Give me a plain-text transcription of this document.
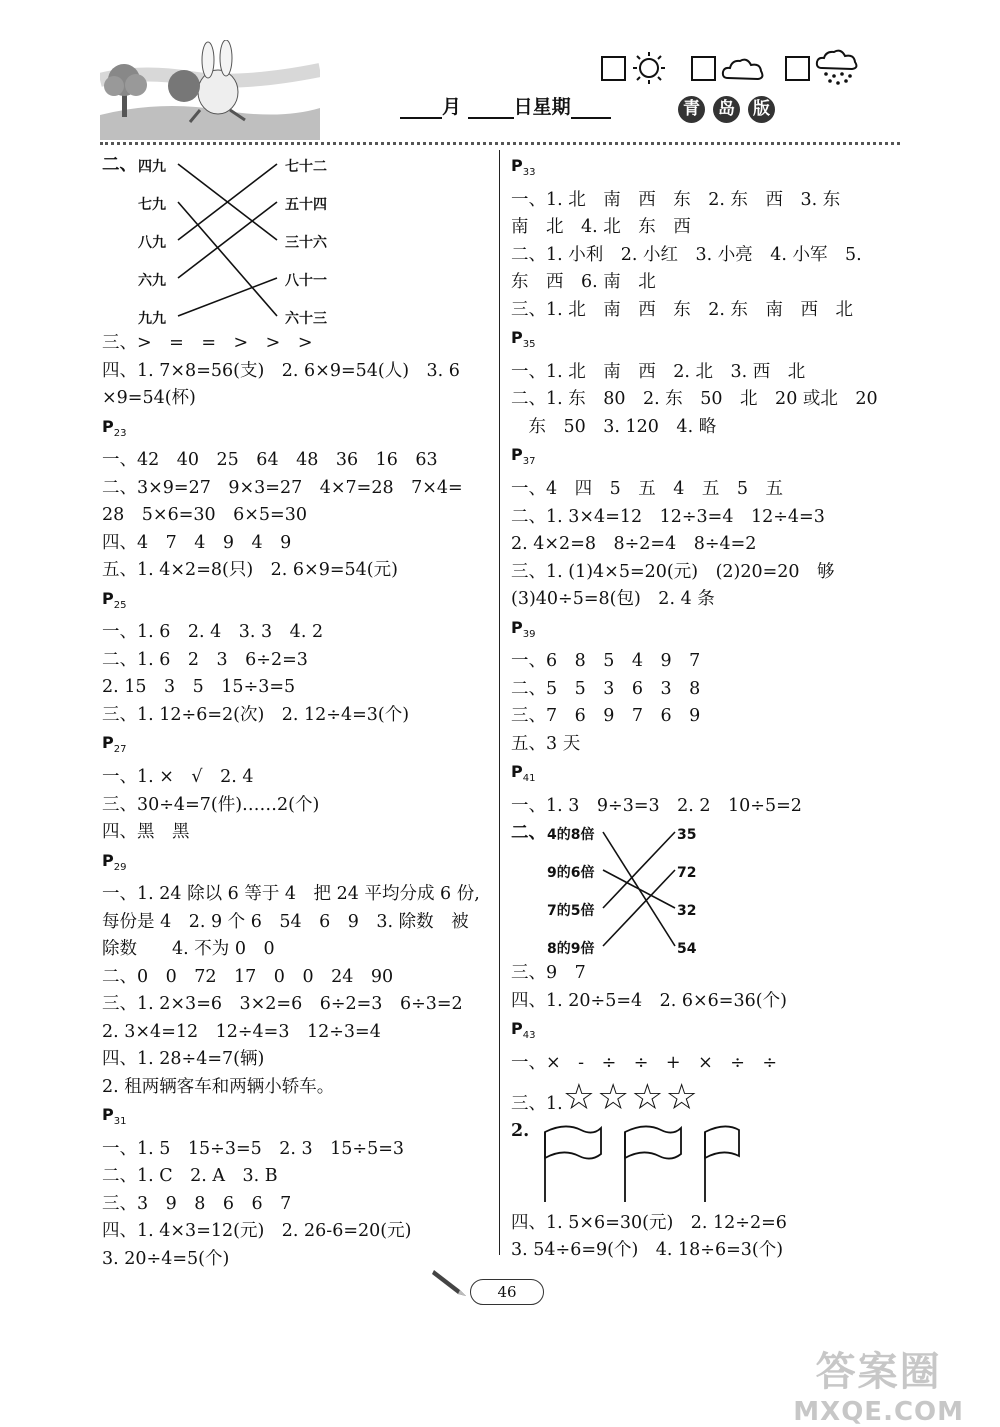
月	日星期	青 岛 版
二、 四九
七九
八九
六九
九九
七十二
五十四
三十六
八十一
六十三
三、>　=　=　>　>　>
四、1. 7×8=56(支)　2. 6×9=54(人)　3. 6
×9=54(杯)
$P_{23}$
一、42　40　25　64　48　36　16　63
二、3×9=27　9×3=27　4×7=28　7×4=
28　5×6=30　6×5=30
四、4　7　4　9　4　9
五、1. 4×2=8(只)　2. 6×9=54(元)
$P_{25}$
一、1. 6　2. 4　3. 3　4. 2
二、1. 6　2　3　6÷2=3
2. 15　3　5　15÷3=5
三、1. 12÷6=2(次)　2. 12÷4=3(个)
$P_{27}$
一、1. ×　√　2. 4
三、30÷4=7(件)……2(个)
四、黑　黑
$P_{29}$
一、1. 24 除以 6 等于 4　把 24 平均分成 6 份,
每份是 4　2. 9 个 6　54　6　9　3. 除数　被
除数　　4. 不为 0　0
二、0　0　72　17　0　0　24　90
三、1. 2×3=6　3×2=6　6÷2=3　6÷3=2
2. 3×4=12　12÷4=3　12÷3=4
四、1. 28÷4=7(辆)
2. 租两辆客车和两辆小轿车。
$P_{31}$
一、1. 5　15÷3=5　2. 3　15÷5=3
二、1. C　2. A　3. B
三、3　9　8　6　6　7
四、1. 4×3=12(元)　2. 26-6=20(元)
3. 20÷4=5(个)
$P_{33}$
一、1. 北　南　西　东　2. 东　西　3. 东
南　北　4. 北　东　西
二、1. 小利　2. 小红　3. 小亮　4. 小军　5.
东　西　6. 南　北
三、1. 北　南　西　东　2. 东　南　西　北
$P_{35}$
一、1. 北　南　西　2. 北　3. 西　北
二、1. 东　80　2. 东　50　北　20 或北　20
　东　50　3. 120　4. 略
$P_{37}$
一、4　四　5　五　4　五　5　五
二、1. 3×4=12　12÷3=4　12÷4=3
2. 4×2=8　8÷2=4　8÷4=2
三、1. (1)4×5=20(元)　(2)20=20　够
(3)40÷5=8(包)　2. 4 条
$P_{39}$
一、6　8　5　4　9　7
二、5　5　3　6　3　8
三、7　6　9　7　6　9
五、3 天
$P_{41}$
一、1. 3　9÷3=3　2. 2　10÷5=2
二、 4的8倍
9的6倍
7的5倍
8的9倍
35
72
32
54
三、9　7
四、1. 20÷5=4　2. 6×6=36(个)
$P_{43}$
一、×　-　÷　÷　+　×　÷　÷
三、1.☆☆☆☆
2.
四、1. 5×6=30(元)　2. 12÷2=6
3. 54÷6=9(个)　4. 18÷6=3(个)
46
答案圈
MXQE.COM
